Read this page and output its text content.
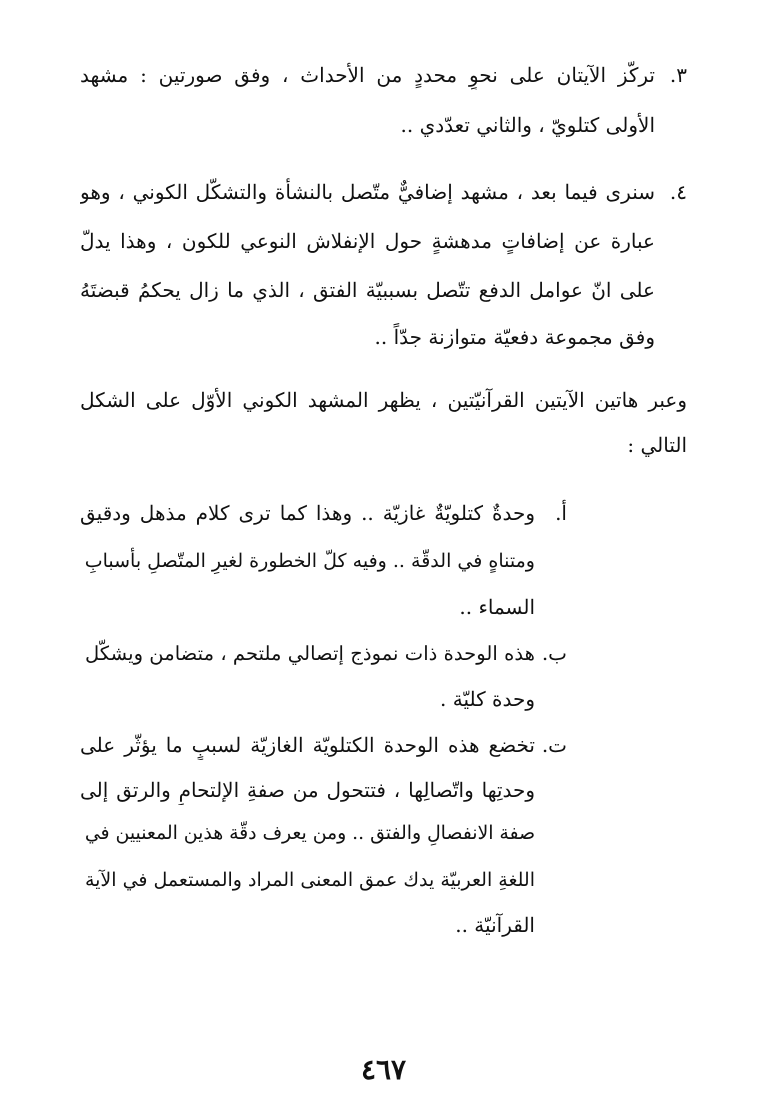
٣.
تركّز الآيتان على نحوٍ محددٍ من الأحداث ، وفق صورتين : مشهد
الأولى كتلويّ ، والثاني تعدّدي ..
٤.
سنرى فيما بعد ، مشهد إضافيٌّ متّصل بالنشأة والتشكّل الكوني ، وهو
عبارة عن إضافاتٍ مدهشةٍ حول الإنفلاش النوعي للكون ، وهذا يدلّ
على انّ عوامل الدفع تتّصل بسببيّة الفتق ، الذي ما زال يحكمُ قبضتَهُ
وفق مجموعة دفعيّة متوازنة جدّاً ..
وعبر هاتين الآيتين القرآنيّتين ، يظهر المشهد الكوني الأوّل على الشكل
التالي :
أ.
وحدةٌ كتلويّةٌ غازيّة .. وهذا كما ترى كلام مذهل ودقيق
ومتناهٍ في الدقّة .. وفيه كلّ الخطورة لغيرِ المتّصلِ بأسبابِ
السماء ..
ب.
هذه الوحدة ذات نموذج إتصالي ملتحم ، متضامن ويشكّل
وحدة كليّة .
ت.
تخضع هذه الوحدة الكتلويّة الغازيّة لسببٍ ما يؤثّر على
وحدتِها واتّصالِها ، فتتحول من صفةِ الإلتحامِ والرتق إلى
صفة الانفصالِ والفتق .. ومن يعرف دقّة هذين المعنيين في
اللغةِ العربيّة يدك عمق المعنى المراد والمستعمل في الآية
القرآنيّة ..
٤٦٧
